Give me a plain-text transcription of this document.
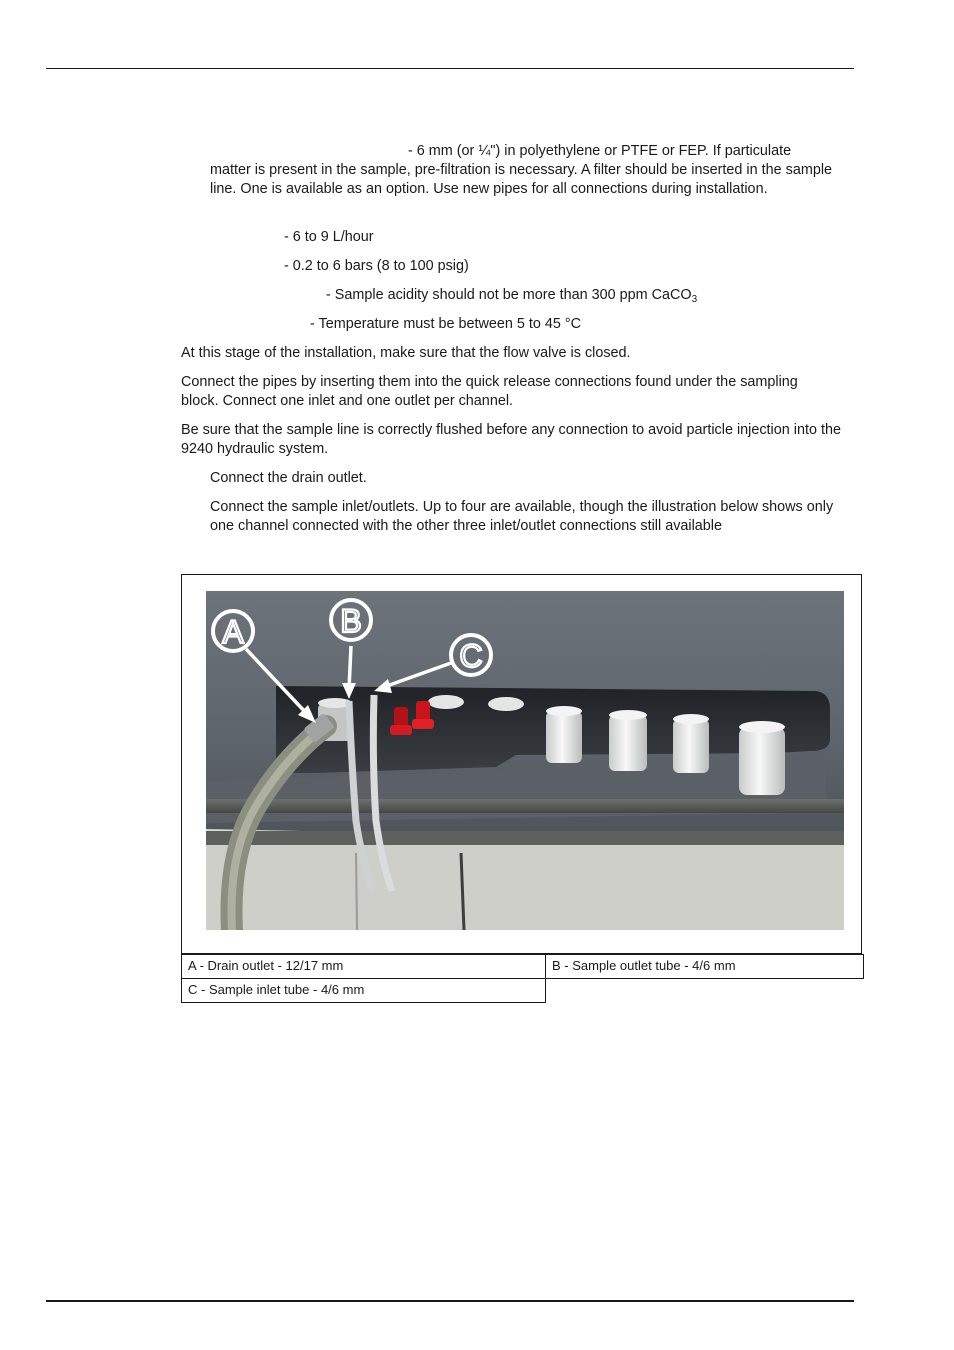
- 6 mm (or ¼") in polyethylene or PTFE or FEP. If particulate

matter is present in the sample, pre-filtration is necessary. A filter should be inserted in the sample line. One is available as an option. Use new pipes for all connections during installation.

- 6 to 9 L/hour

- 0.2 to 6 bars (8 to 100 psig)

- Sample acidity should not be more than 300 ppm CaCO$_3$

- Temperature must be between 5 to 45 °C

At this stage of the installation, make sure that the flow valve is closed.

Connect the pipes by inserting them into the quick release connections found under the sampling block. Connect one inlet and one outlet per channel.

Be sure that the sample line is correctly flushed before any connection to avoid particle injection into the 9240 hydraulic system.

Connect the drain outlet.

Connect the sample inlet/outlets. Up to four are available, though the illustration below shows only one channel connected with the other three inlet/outlet connections still available

A	B
C
A - Drain outlet - 12/17 mm	B - Sample outlet tube - 4/6 mm
C - Sample inlet tube - 4/6 mm
